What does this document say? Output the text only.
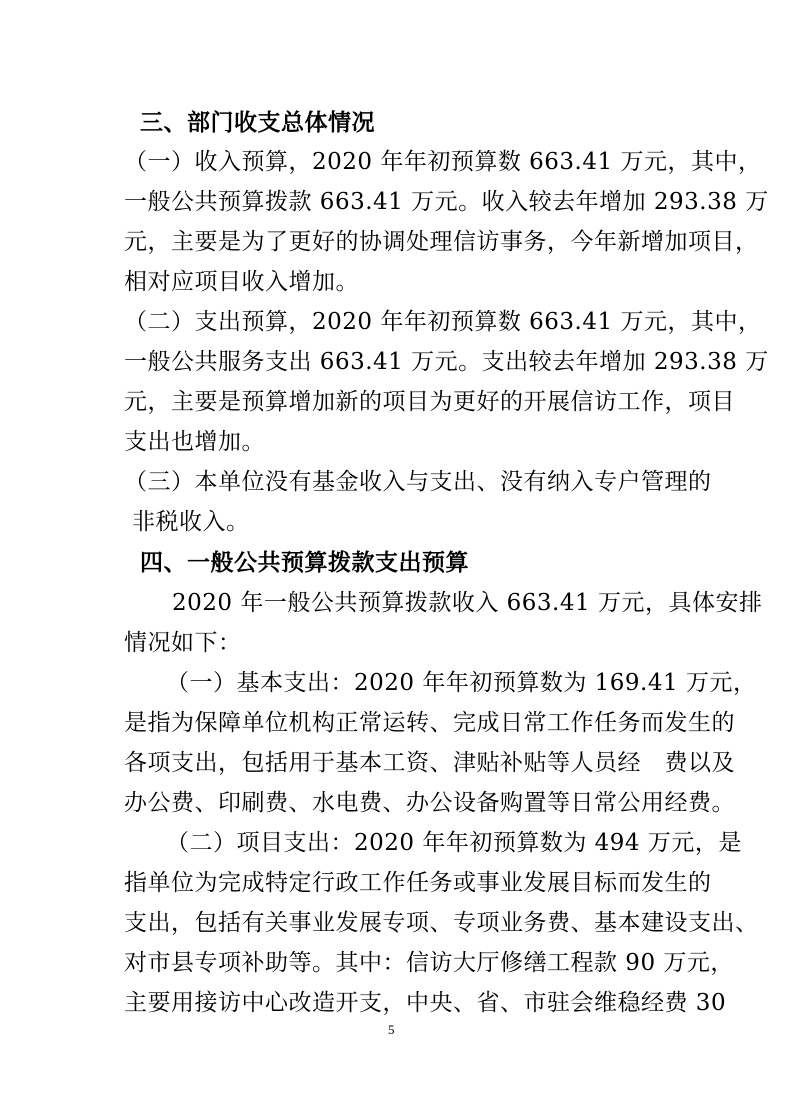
三、部门收支总体情况
（一）收入预算，2020 年年初预算数 663.41 万元，其中，
一般公共预算拨款 663.41 万元。收入较去年增加 293.38 万
元，主要是为了更好的协调处理信访事务，今年新增加项目，
相对应项目收入增加。
（二）支出预算，2020 年年初预算数 663.41 万元，其中，
一般公共服务支出 663.41 万元。支出较去年增加 293.38 万
元，主要是预算增加新的项目为更好的开展信访工作，项目
支出也增加。
（三）本单位没有基金收入与支出、没有纳入专户管理的
非税收入。
四、一般公共预算拨款支出预算
2020 年一般公共预算拨款收入 663.41 万元，具体安排
情况如下：
（一）基本支出：2020 年年初预算数为 169.41 万元，
是指为保障单位机构正常运转、完成日常工作任务而发生的
各项支出，包括用于基本工资、津贴补贴等人员经　费以及
办公费、印刷费、水电费、办公设备购置等日常公用经费。
（二）项目支出：2020 年年初预算数为 494 万元，是
指单位为完成特定行政工作任务或事业发展目标而发生的
支出，包括有关事业发展专项、专项业务费、基本建设支出、
对市县专项补助等。其中：信访大厅修缮工程款 90 万元，
主要用接访中心改造开支，中央、省、市驻会维稳经费 30
5
